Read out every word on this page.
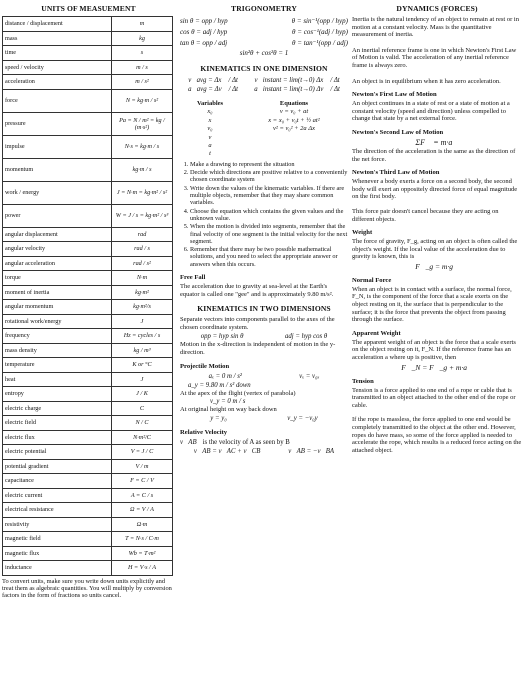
UNITS OF MEASUEMENT
distance / displacement	m
mass	kg
time	s
speed / velocity	m / s
acceleration	m / s²
force	N = kg·m / s²
pressure	Pa = N / m² = kg / (m·s²)
impulse	N·s = kg·m / s
momentum	kg·m / s
work / energy	J = N·m = kg·m² / s²
power	W = J / s = kg·m² / s³
angular displacement	rad
angular velocity	rad / s
angular acceleration	rad / s²
torque	N·m
moment of inertia	kg·m²
angular momentum	kg·m²/s
rotational work/energy	J
frequency	Hz = cycles / s
mass density	kg / m³
temperature	K or °C
heat	J
entropy	J / K
electric charge	C
electric field	N / C
electric flux	N·m²/C
electric potential	V = J / C
potential gradient	V / m
capacitance	F = C / V
electric current	A = C / s
electrical resistance	Ω = V / A
resistivity	Ω·m
magnetic field	T = N·s / C·m
magnetic flux	Wb = T·m²
inductance	H = V·s / A
To convert units, make sure you write down units explicitly and treat them as algebraic quantities. You will multiply by conversion factors in the form of fractions so units cancel.
TRIGONOMETRY
sin θ = opp / hyp	θ = sin⁻¹(opp / hyp)
cos θ = adj / hyp	θ = cos⁻¹(adj / hyp)
tan θ = opp / adj	θ = tan⁻¹(opp / adj)
sin²θ + cos²θ = 1
KINEMATICS IN ONE DIMENSION
v⃗avg = Δx⃗ / Δt v⃗instant = lim(t→0) Δx⃗ / Δt
a⃗avg = Δv⃗ / Δt a⃗instant = lim(t→0) Δv⃗ / Δt
Variables
x₀
x
v₀
v
a
t
Equations
v = v₀ + at
x = x₀ + v₀t + ½ at²
v² = v₀² + 2a Δx
1. Make a drawing to represent the situation
2. Decide which directions are positive relative to a conveniently chosen coordinate system
3. Write down the values of the kinematic variables. If there are multiple objects, remember that they may share common variables.
4. Choose the equation which contains the given values and the unknown value.
5. When the motion is divided into segments, remember that the final velocity of one segment is the initial velocity for the next segment.
6. Remember that there may be two possible mathematical solutions, and you need to select the appropriate answer or answers when this occurs.
Free Fall
The acceleration due to gravity at sea-level at the Earth's equator is called one "gee" and is approximately 9.80 m/s².
KINEMATICS IN TWO DIMENSIONS
Separate vectors into components parallel to the axes of the chosen coordinate system.
opp = hyp sin θ	adj = hyp cos θ
Motion in the x-direction is independent of motion in the y-direction.
Projectile Motion
aₓ = 0 m / s²	vₓ = v₀ₓ
a_y = 9.80 m / s² down
At the apex of the flight (vertex of parabola)
v_y = 0 m / s
At original height on way back down
y = y₀	v_y = −v₀y
Relative Velocity
v⃗AB is the velocity of A as seen by B
v⃗AB = v⃗AC + v⃗CB	v⃗AB = −v⃗BA
DYNAMICS (FORCES)
Inertia is the natural tendency of an object to remain at rest or in motion at a constant velocity. Mass is the quantitative measurement of inertia.
An inertial reference frame is one in which Newton's First Law of Motion is valid. The acceleration of any inertial reference frame is always zero.
An object is in equilibrium when it has zero acceleration.
Newton's First Law of Motion
An object continues in a state of rest or a state of motion at a constant velocity (speed and direction) unless compelled to change that state by a net external force.
Newton's Second Law of Motion
ΣF⃗ = m·a⃗
The direction of the acceleration is the same as the direction of the net force.
Newton's Third Law of Motion
Whenever a body exerts a force on a second body, the second body will exert an oppositely directed force of equal magnitude on the first body.
This force pair doesn't cancel because they are acting on different objects.
Weight
The force of gravity, F_g, acting on an object is often called the object's weight. If the local value of the acceleration due to gravity is known, this is
F⃗_g = m·g⃗
Normal Force
When an object is in contact with a surface, the normal force, F_N, is the component of the force that a scale exerts on the object resting on it, the surface that is perpendicular to the surface; it is the force that prevents the object from passing through the surface.
Apparent Weight
The apparent weight of an object is the force that a scale exerts on the object resting on it, F_N. If the reference frame has an acceleration a where up is positive, then
F⃗_N = F⃗_g + m·a⃗
Tension
Tension is a force applied to one end of a rope or cable that is transmitted to an object attached to the other end of the rope or cable.
If the rope is massless, the force applied to one end would be completely transmitted to the object at the other end. However, ropes do have mass, so some of the force applied is needed to accelerate the rope, which results is a reduced force acting on the attached object.
